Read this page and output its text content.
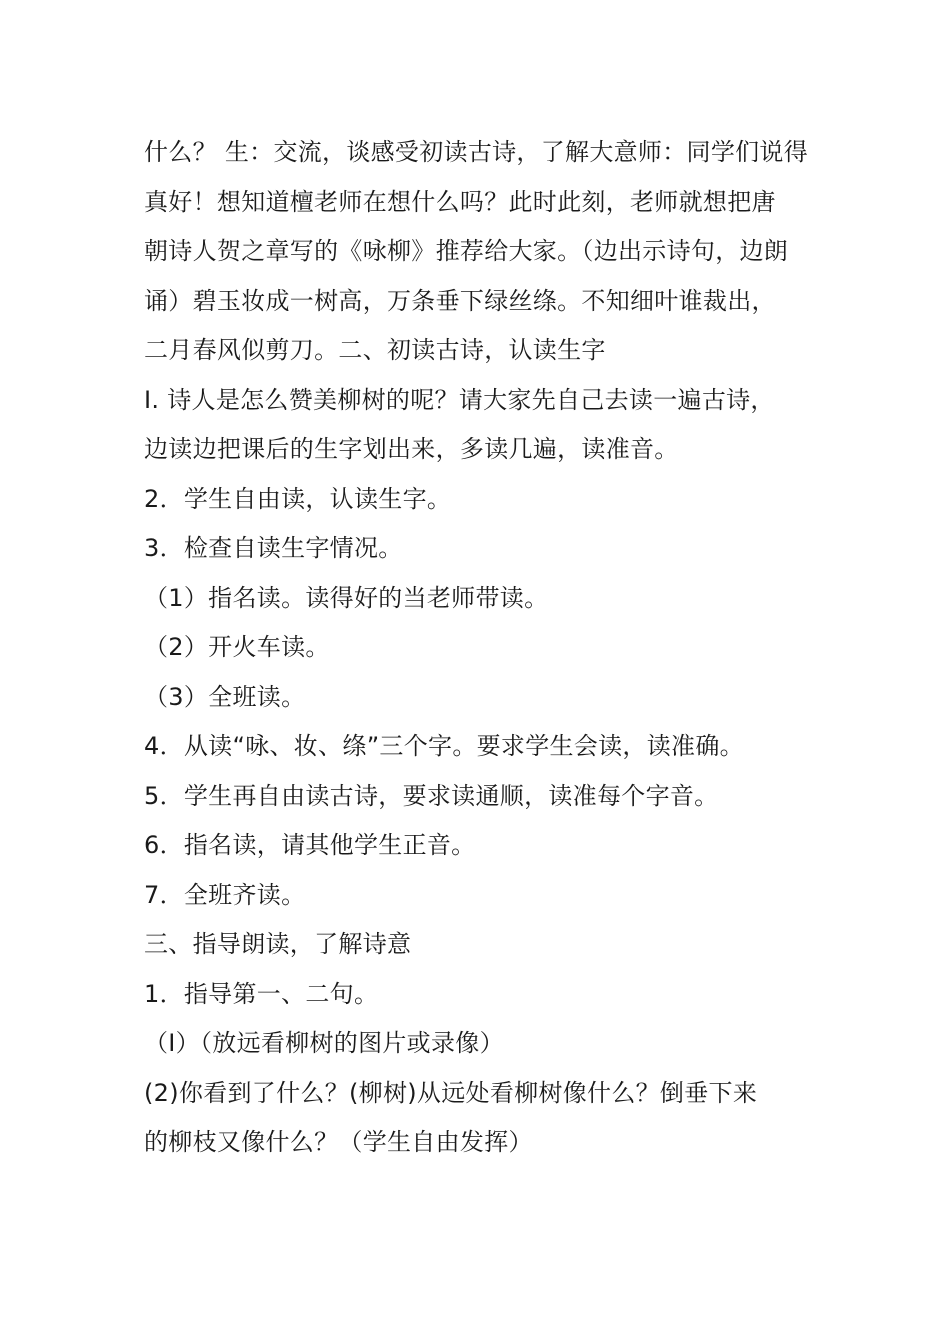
什么？ 生：交流，谈感受初读古诗，了解大意师：同学们说得
真好！想知道檀老师在想什么吗？此时此刻，老师就想把唐
朝诗人贺之章写的《咏柳》推荐给大家。（边出示诗句，边朗
诵）碧玉妆成一树高，万条垂下绿丝绦。不知细叶谁裁出，
二月春风似剪刀。二、初读古诗，认读生字
I. 诗人是怎么赞美柳树的呢？请大家先自己去读一遍古诗，
边读边把课后的生字划出来，多读几遍，读准音。
2．学生自由读，认读生字。
3．检查自读生字情况。
（1）指名读。读得好的当老师带读。
（2）开火车读。
（3）全班读。
4．从读“咏、妆、绦”三个字。要求学生会读，读准确。
5．学生再自由读古诗，要求读通顺，读准每个字音。
6．指名读，请其他学生正音。
7．全班齐读。
三、指导朗读，了解诗意
1．指导第一、二句。
（I）（放远看柳树的图片或录像）
(2)你看到了什么？(柳树)从远处看柳树像什么？倒垂下来
的柳枝又像什么？（学生自由发挥）
